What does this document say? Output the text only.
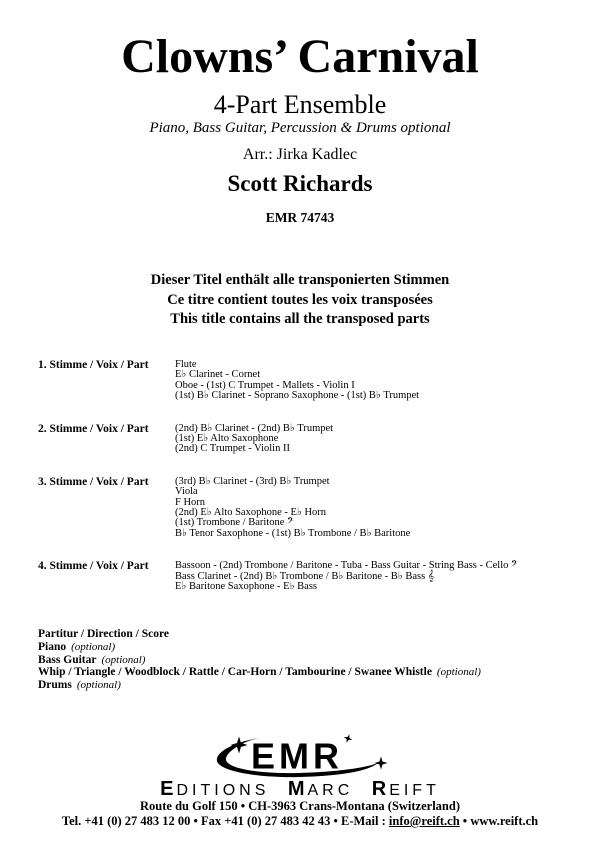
Clowns’ Carnival
4-Part Ensemble
Piano, Bass Guitar, Percussion & Drums optional
Arr.: Jirka Kadlec
Scott Richards
EMR 74743
Dieser Titel enthält alle transponierten Stimmen
Ce titre contient toutes les voix transposées
This title contains all the transposed parts
1. Stimme / Voix / Part	Flute
E♭ Clarinet - Cornet
Oboe - (1st) C Trumpet - Mallets - Violin I
(1st) B♭ Clarinet - Soprano Saxophone - (1st) B♭ Trumpet
2. Stimme / Voix / Part	(2nd) B♭ Clarinet - (2nd) B♭ Trumpet
(1st) E♭ Alto Saxophone
(2nd) C Trumpet - Violin II
3. Stimme / Voix / Part	(3rd) B♭ Clarinet - (3rd) B♭ Trumpet
Viola
F Horn
(2nd) E♭ Alto Saxophone - E♭ Horn
(1st) Trombone / Baritone 𝄢
B♭ Tenor Saxophone - (1st) B♭ Trombone / B♭ Baritone
4. Stimme / Voix / Part	Bassoon - (2nd) Trombone / Baritone - Tuba - Bass Guitar - String Bass - Cello 𝄢
Bass Clarinet - (2nd) B♭ Trombone / B♭ Baritone - B♭ Bass 𝄞
E♭ Baritone Saxophone - E♭ Bass
Partitur / Direction / Score
Piano (optional)
Bass Guitar (optional)
Whip / Triangle / Woodblock / Rattle / Car-Horn / Tambourine / Swanee Whistle (optional)
Drums (optional)
EMR
EDITIONS MARC REIFT
Route du Golf 150 • CH-3963 Crans-Montana (Switzerland)
Tel. +41 (0) 27 483 12 00 • Fax +41 (0) 27 483 42 43 • E-Mail : info@reift.ch • www.reift.ch
